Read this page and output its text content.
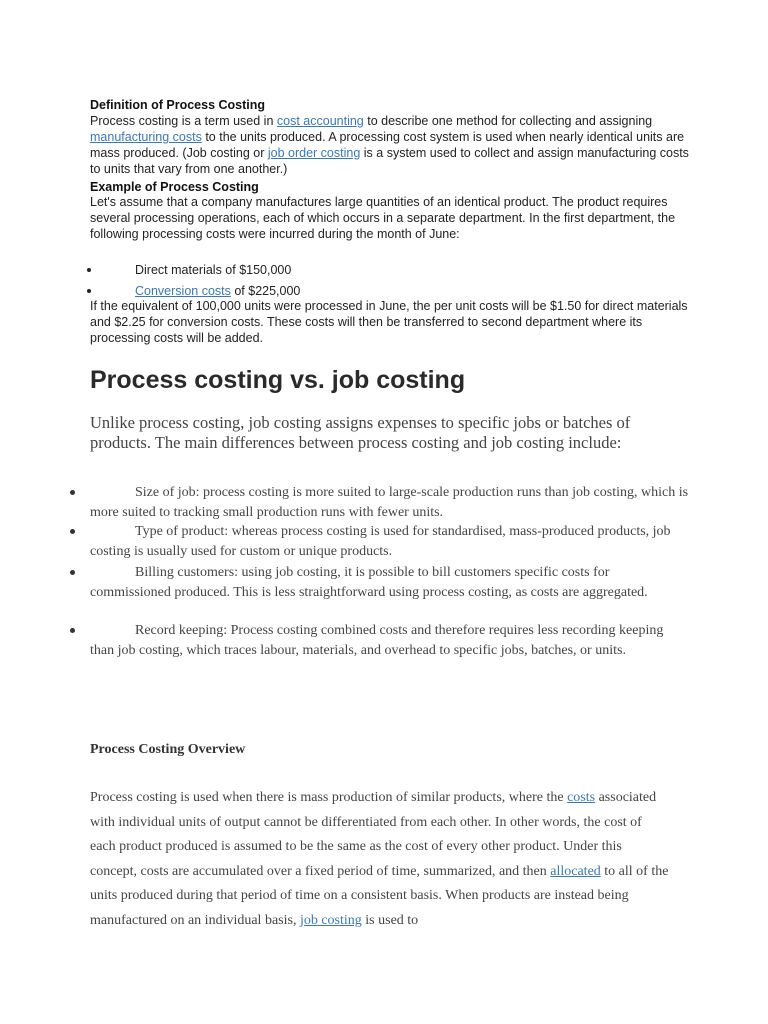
Definition of Process Costing

Process costing is a term used in cost accounting to describe one method for collecting and assigning manufacturing costs to the units produced. A processing cost system is used when nearly identical units are mass produced. (Job costing or job order costing is a system used to collect and assign manufacturing costs to units that vary from one another.)

Example of Process Costing

Let's assume that a company manufactures large quantities of an identical product. The product requires several processing operations, each of which occurs in a separate department. In the first department, the following processing costs were incurred during the month of June:

Direct materials of $150,000
Conversion costs of $225,000

If the equivalent of 100,000 units were processed in June, the per unit costs will be $1.50 for direct materials and $2.25 for conversion costs. These costs will then be transferred to second department where its processing costs will be added.

Process costing vs. job costing

Unlike process costing, job costing assigns expenses to specific jobs or batches of products. The main differences between process costing and job costing include:

Size of job: process costing is more suited to large-scale production runs than job costing, which is more suited to tracking small production runs with fewer units.

Type of product: whereas process costing is used for standardised, mass-produced products, job costing is usually used for custom or unique products.

Billing customers: using job costing, it is possible to bill customers specific costs for commissioned produced. This is less straightforward using process costing, as costs are aggregated.

Record keeping: Process costing combined costs and therefore requires less recording keeping than job costing, which traces labour, materials, and overhead to specific jobs, batches, or units.

Process Costing Overview

Process costing is used when there is mass production of similar products, where the costs associated with individual units of output cannot be differentiated from each other. In other words, the cost of each product produced is assumed to be the same as the cost of every other product. Under this concept, costs are accumulated over a fixed period of time, summarized, and then allocated to all of the units produced during that period of time on a consistent basis. When products are instead being manufactured on an individual basis, job costing is used to
